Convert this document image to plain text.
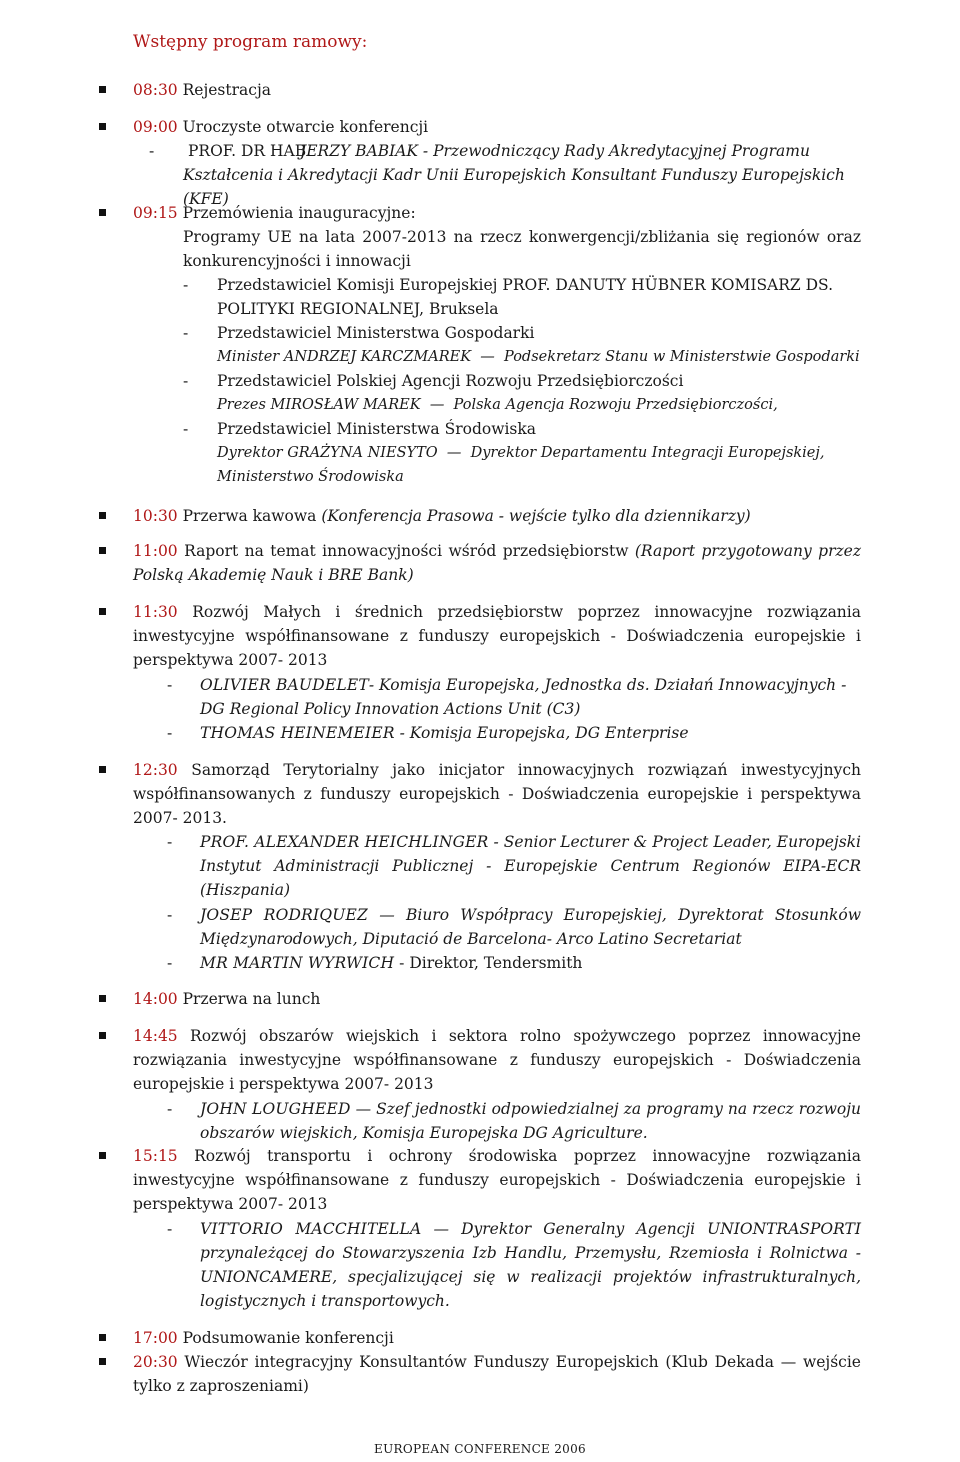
Wstępny program ramowy:
08:30 Rejestracja
09:00 Uroczyste otwarcie konferencji
-    PROF. DR HAB.
JERZY BABIAK - Przewodniczący Rady Akredytacyjnej Programu
Kształcenia i Akredytacji Kadr Unii Europejskich Konsultant Funduszy Europejskich (KFE)
09:15 Przemówienia inauguracyjne:
Programy UE na lata 2007-2013 na rzecz konwergencji/zbliżania się regionów oraz konkurencyjności i innowacji
-	Przedstawiciel Komisji Europejskiej PROF. DANUTY HÜBNER KOMISARZ DS. POLITYKI REGIONALNEJ, Bruksela
-	Przedstawiciel Ministerstwa Gospodarki
Minister ANDRZEJ KARCZMAREK  —  Podsekretarz Stanu w Ministerstwie Gospodarki
-	Przedstawiciel Polskiej Agencji Rozwoju Przedsiębiorczości
Prezes MIROSŁAW MAREK  —  Polska Agencja Rozwoju Przedsiębiorczości,
-	Przedstawiciel Ministerstwa Środowiska
Dyrektor GRAŻYNA NIESYTO  —  Dyrektor Departamentu Integracji Europejskiej, Ministerstwo Środowiska
10:30 Przerwa kawowa (Konferencja Prasowa - wejście tylko dla dziennikarzy)
11:00 Raport na temat innowacyjności wśród przedsiębiorstw (Raport przygotowany przez Polską Akademię Nauk i BRE Bank)
11:30 Rozwój Małych i średnich przedsiębiorstw poprzez innowacyjne rozwiązania inwestycyjne współfinansowane z funduszy europejskich - Doświadczenia europejskie i perspektywa 2007- 2013
-	OLIVIER BAUDELET- Komisja Europejska, Jednostka ds. Działań Innowacyjnych - DG Regional Policy Innovation Actions Unit (C3)
-	THOMAS HEINEMEIER - Komisja Europejska, DG Enterprise
12:30 Samorząd Terytorialny jako inicjator innowacyjnych rozwiązań inwestycyjnych współfinansowanych z funduszy europejskich - Doświadczenia europejskie i perspektywa 2007- 2013.
-	PROF. ALEXANDER HEICHLINGER - Senior Lecturer & Project Leader, Europejski Instytut Administracji Publicznej - Europejskie Centrum Regionów EIPA-ECR (Hiszpania)
-	JOSEP RODRIQUEZ — Biuro Współpracy Europejskiej, Dyrektorat Stosunków Międzynarodowych, Diputació de Barcelona- Arco Latino Secretariat
-	MR MARTIN WYRWICH - Direktor, Tendersmith
14:00 Przerwa na lunch
14:45 Rozwój obszarów wiejskich i sektora rolno spożywczego poprzez innowacyjne rozwiązania inwestycyjne współfinansowane z funduszy europejskich - Doświadczenia europejskie i perspektywa 2007- 2013
-	JOHN LOUGHEED — Szef jednostki odpowiedzialnej za programy na rzecz rozwoju obszarów wiejskich, Komisja Europejska DG Agriculture.
15:15 Rozwój transportu i ochrony środowiska poprzez innowacyjne rozwiązania inwestycyjne współfinansowane z funduszy europejskich - Doświadczenia europejskie i perspektywa 2007- 2013
-	VITTORIO MACCHITELLA — Dyrektor Generalny Agencji UNIONTRASPORTI przynależącej do Stowarzyszenia Izb Handlu, Przemysłu, Rzemiosła i Rolnictwa - UNIONCAMERE, specjalizującej się w realizacji projektów infrastrukturalnych, logistycznych i transportowych.
17:00 Podsumowanie konferencji
20:30 Wieczór integracyjny Konsultantów Funduszy Europejskich (Klub Dekada — wejście tylko z zaproszeniami)
EUROPEAN CONFERENCE 2006
